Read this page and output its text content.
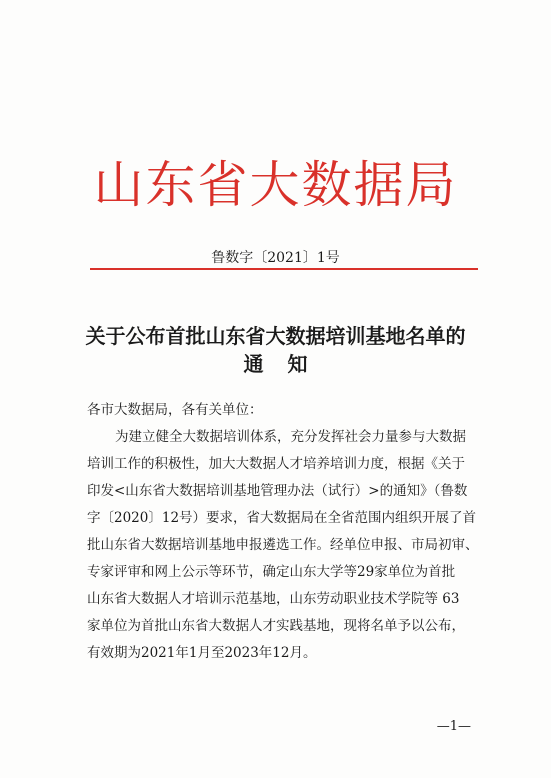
山东省大数据局
鲁数字〔2021〕1号
关于公布首批山东省大数据培训基地名单的
通知
各市大数据局，各有关单位：
为建立健全大数据培训体系，充分发挥社会力量参与大数据
培训工作的积极性，加大大数据人才培养培训力度，根据《关于
印发<山东省大数据培训基地管理办法（试行）>的通知》（鲁数
字〔2020〕12号）要求，省大数据局在全省范围内组织开展了首
批山东省大数据培训基地申报遴选工作。经单位申报、市局初审、
专家评审和网上公示等环节，确定山东大学等29家单位为首批
山东省大数据人才培训示范基地，山东劳动职业技术学院等 63
家单位为首批山东省大数据人才实践基地，现将名单予以公布，
有效期为2021年1月至2023年12月。
—1—
